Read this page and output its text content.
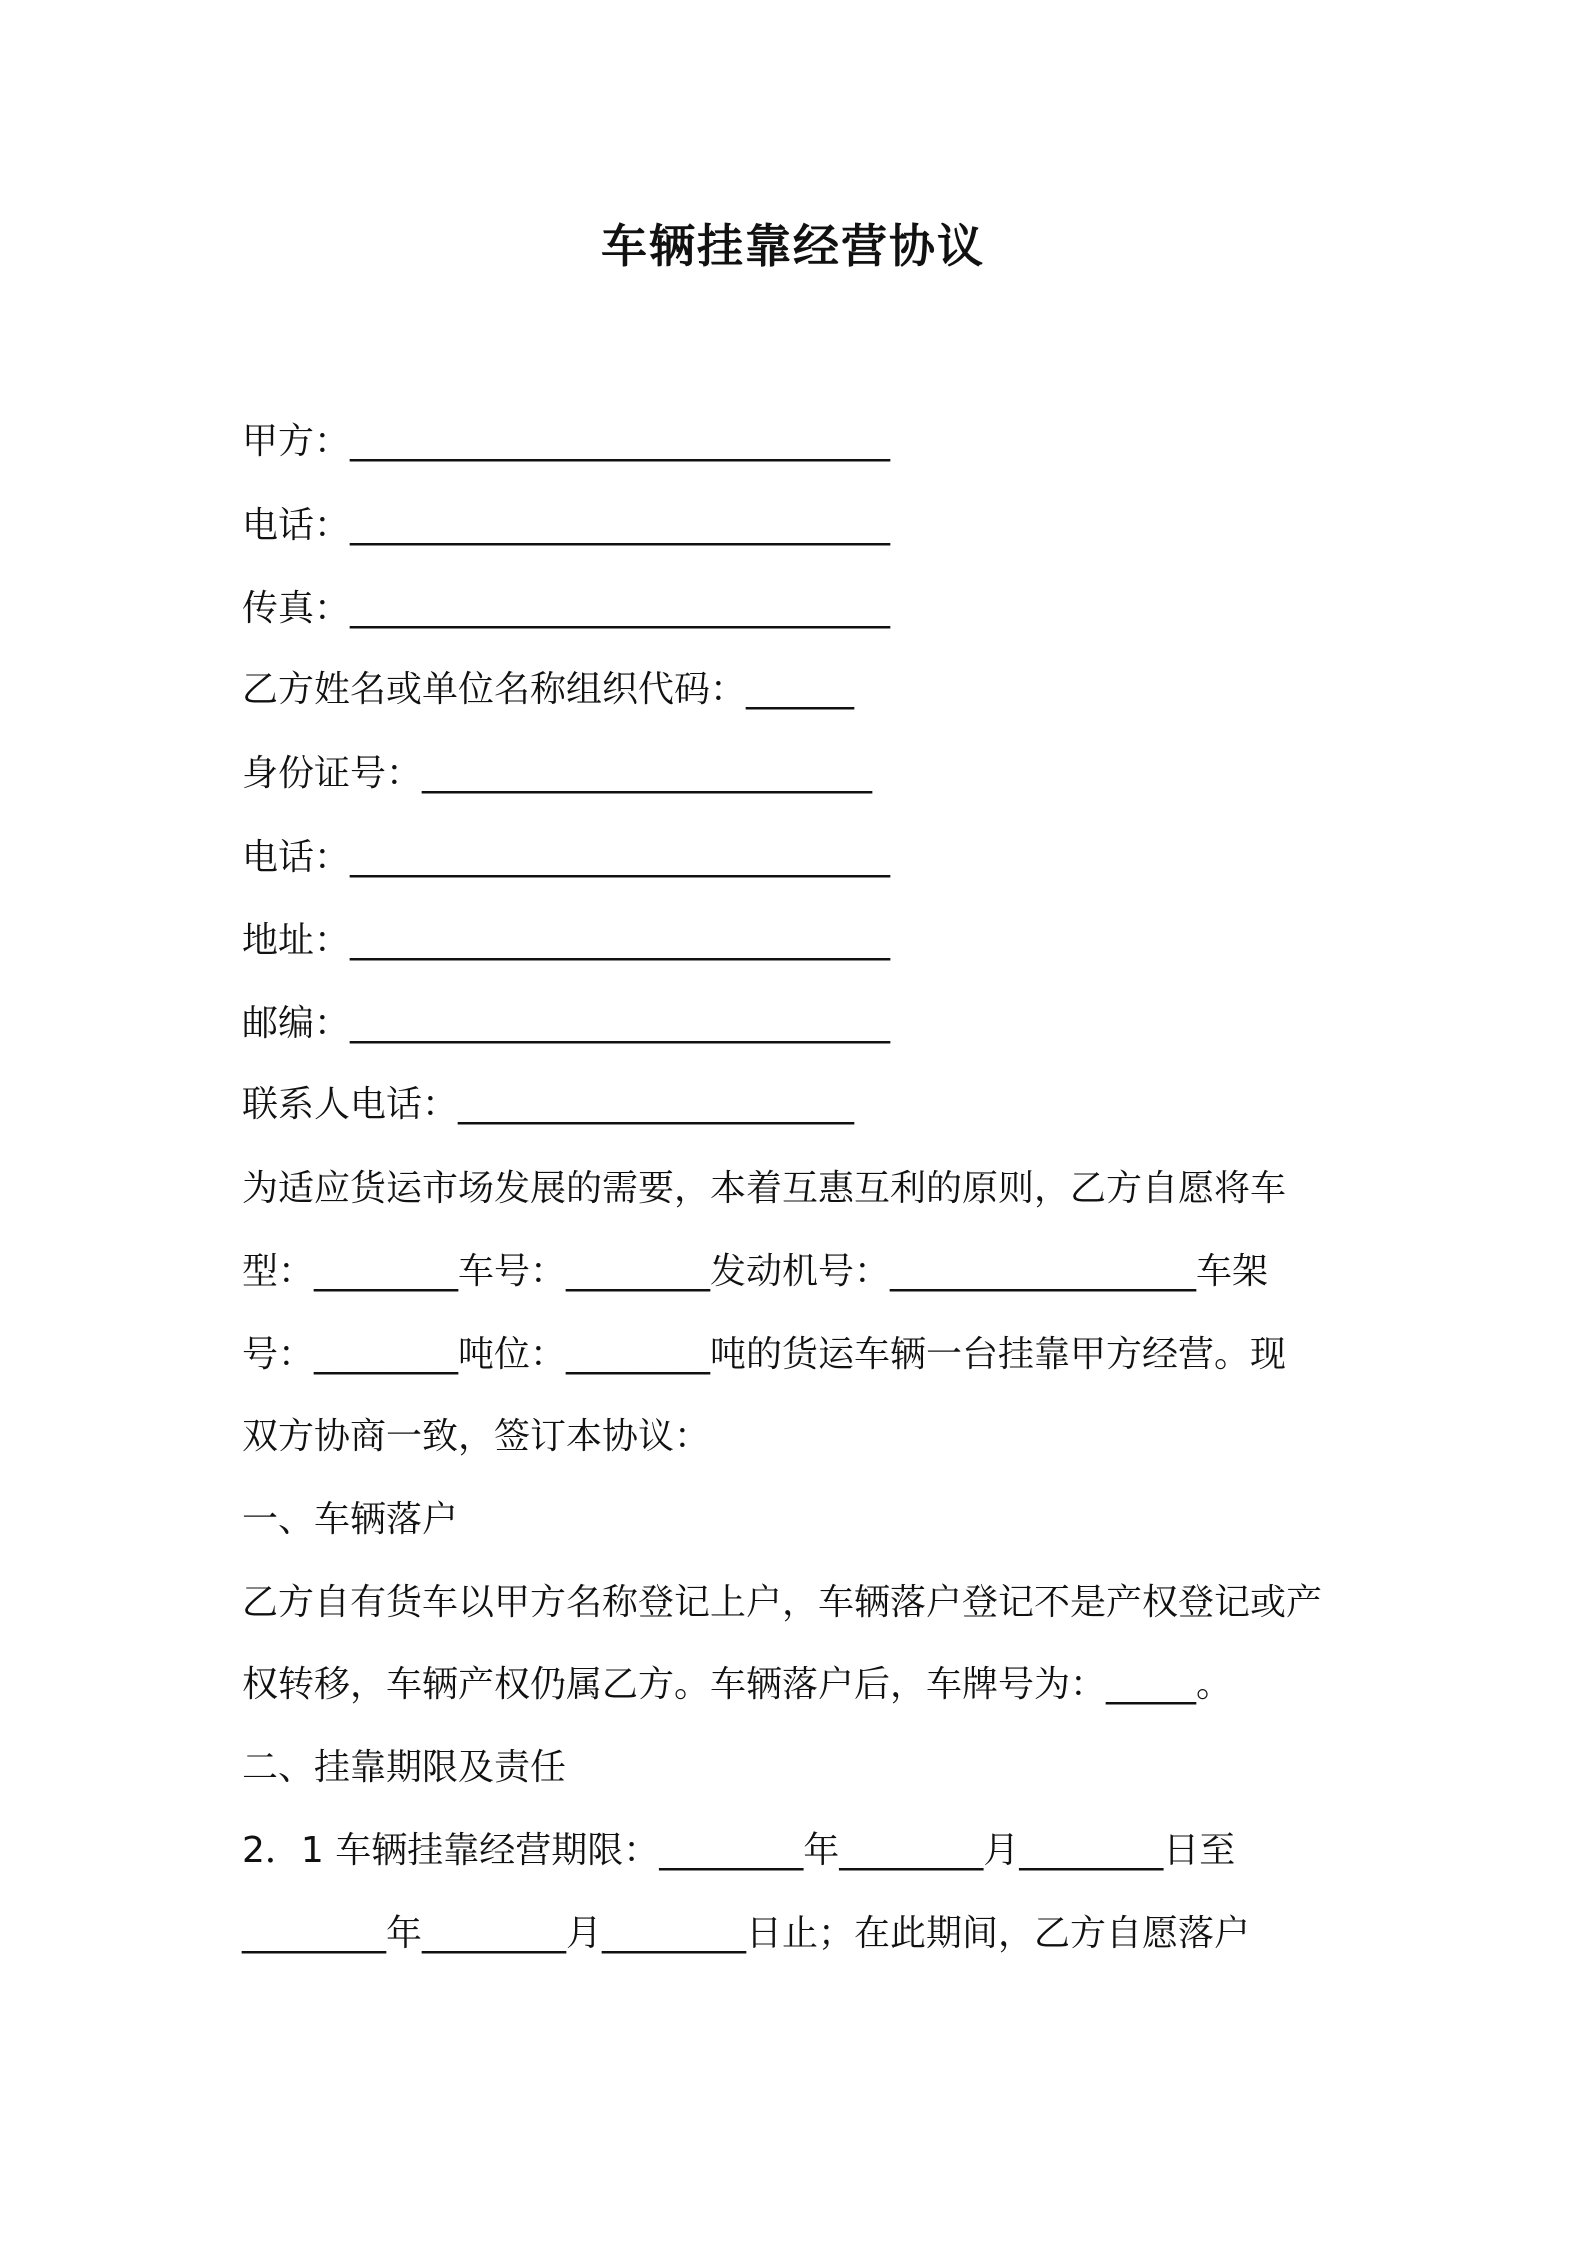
车辆挂靠经营协议
甲方：______________________________
电话：______________________________
传真：______________________________
乙方姓名或单位名称组织代码：______
身份证号：_________________________
电话：______________________________
地址：______________________________
邮编：______________________________
联系人电话：______________________
为适应货运市场发展的需要，本着互惠互利的原则，乙方自愿将车
型：________车号：________发动机号：_________________车架
号：________吨位：________吨的货运车辆一台挂靠甲方经营。现
双方协商一致，签订本协议：
一、车辆落户
乙方自有货车以甲方名称登记上户，车辆落户登记不是产权登记或产
权转移，车辆产权仍属乙方。车辆落户后，车牌号为：_____。
二、挂靠期限及责任
2．1 车辆挂靠经营期限：________年________月________日至
________年________月________日止；在此期间，乙方自愿落户
